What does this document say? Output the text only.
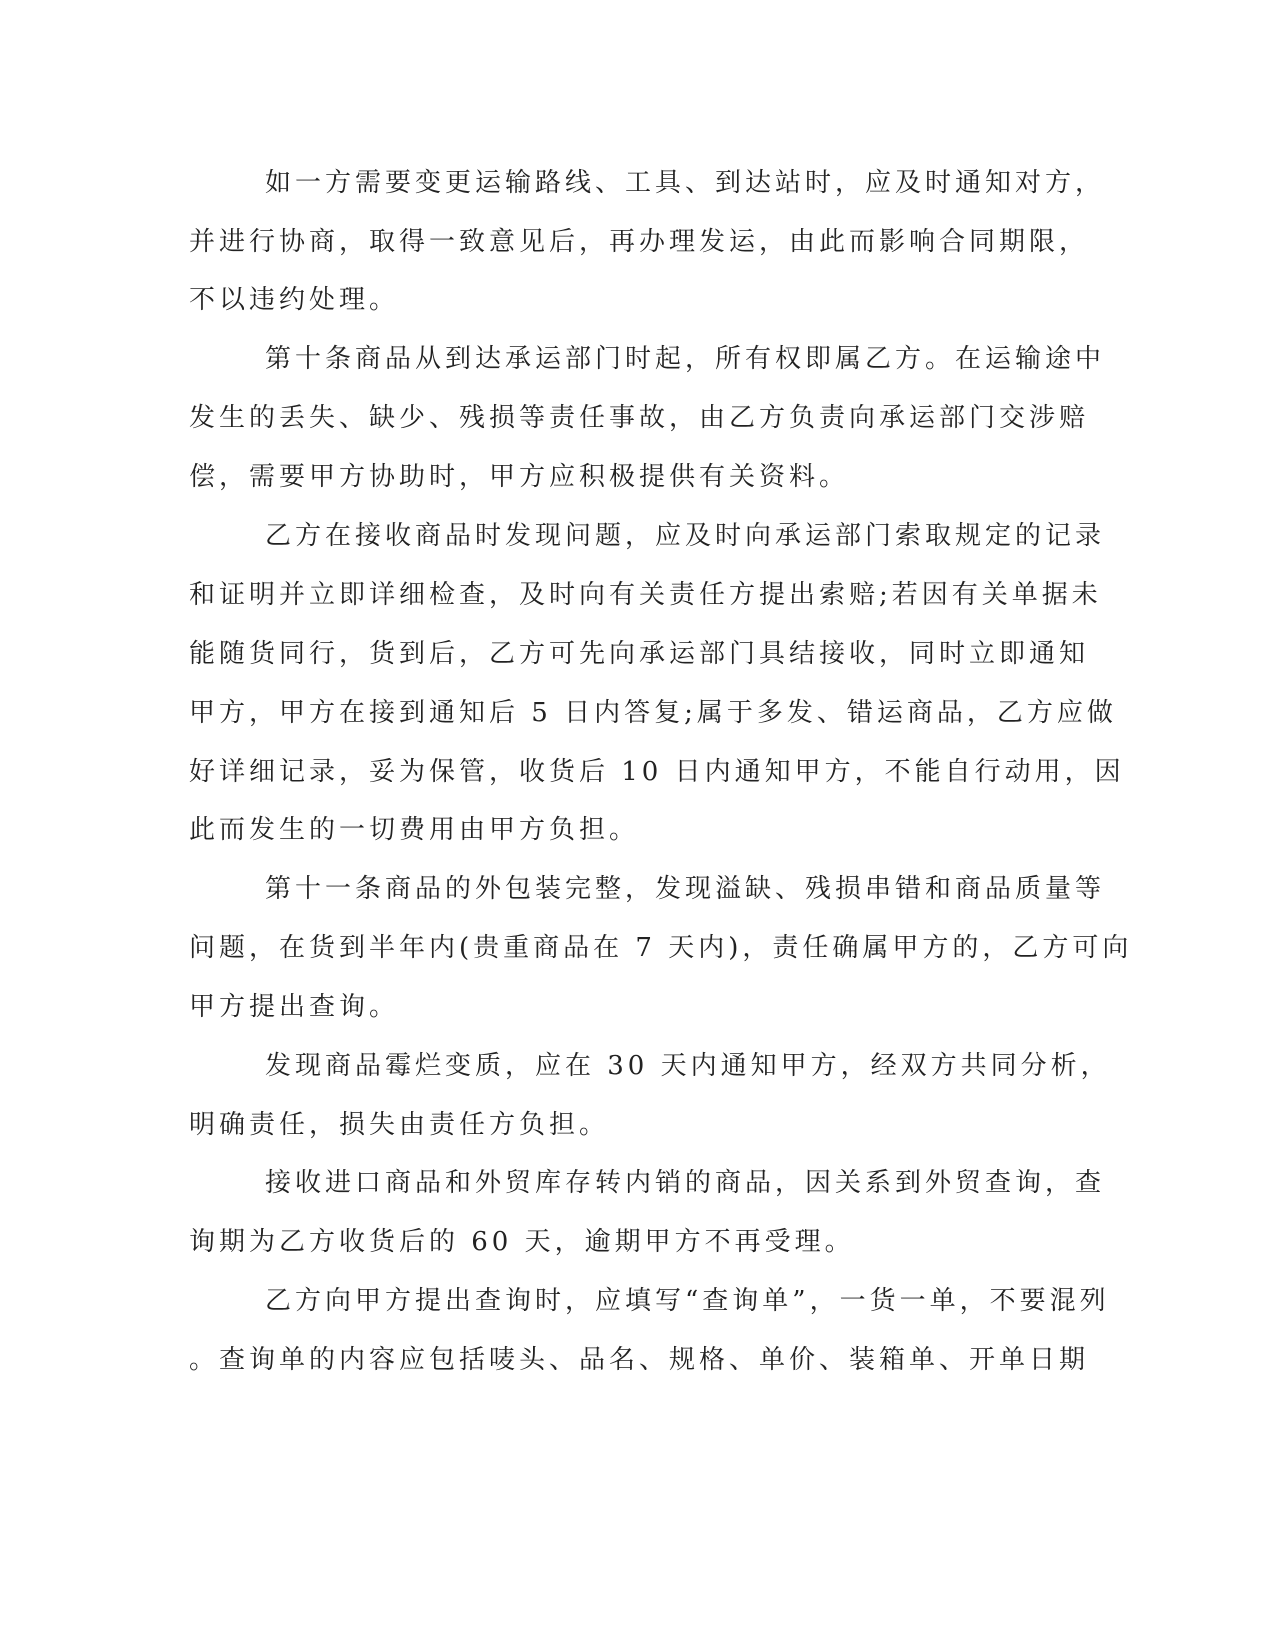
如一方需要变更运输路线、工具、到达站时，应及时通知对方，
并进行协商，取得一致意见后，再办理发运，由此而影响合同期限，
不以违约处理。
第十条商品从到达承运部门时起，所有权即属乙方。在运输途中
发生的丢失、缺少、残损等责任事故，由乙方负责向承运部门交涉赔
偿，需要甲方协助时，甲方应积极提供有关资料。
乙方在接收商品时发现问题，应及时向承运部门索取规定的记录
和证明并立即详细检查，及时向有关责任方提出索赔;若因有关单据未
能随货同行，货到后，乙方可先向承运部门具结接收，同时立即通知
甲方，甲方在接到通知后 5 日内答复;属于多发、错运商品，乙方应做
好详细记录，妥为保管，收货后 10 日内通知甲方，不能自行动用，因
此而发生的一切费用由甲方负担。
第十一条商品的外包装完整，发现溢缺、残损串错和商品质量等
问题，在货到半年内(贵重商品在 7 天内)，责任确属甲方的，乙方可向
甲方提出查询。
发现商品霉烂变质，应在 30 天内通知甲方，经双方共同分析，
明确责任，损失由责任方负担。
接收进口商品和外贸库存转内销的商品，因关系到外贸查询，查
询期为乙方收货后的 60 天，逾期甲方不再受理。
乙方向甲方提出查询时，应填写“查询单”，一货一单，不要混列
。查询单的内容应包括唛头、品名、规格、单价、装箱单、开单日期
